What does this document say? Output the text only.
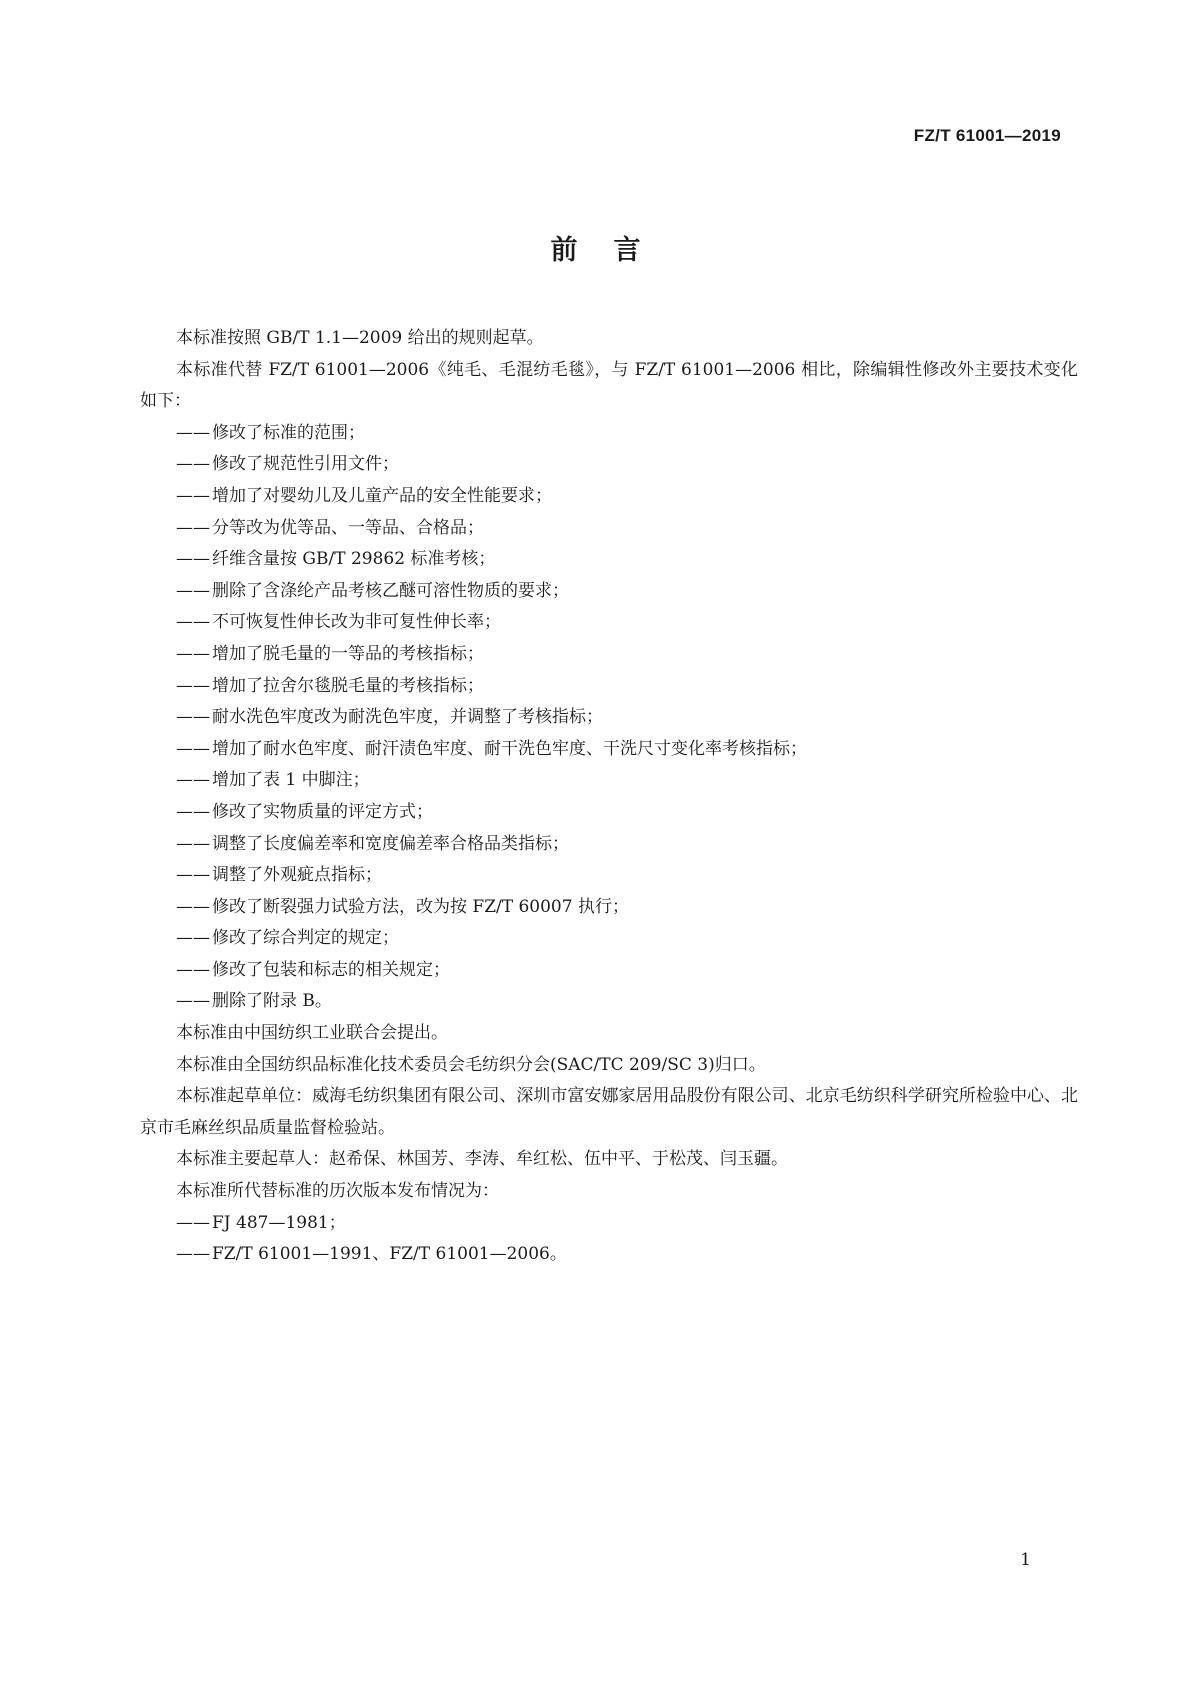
FZ/T 61001—2019
前言

本标准按照 GB/T 1.1—2009 给出的规则起草。

本标准代替 FZ/T 61001—2006《纯毛、毛混纺毛毯》，与 FZ/T 61001—2006 相比，除编辑性修改外主要技术变化如下：

—— 修改了标准的范围；

—— 修改了规范性引用文件；

—— 增加了对婴幼儿及儿童产品的安全性能要求；

—— 分等改为优等品、一等品、合格品；

—— 纤维含量按 GB/T 29862 标准考核；

—— 删除了含涤纶产品考核乙醚可溶性物质的要求；

—— 不可恢复性伸长改为非可复性伸长率；

—— 增加了脱毛量的一等品的考核指标；

—— 增加了拉舍尔毯脱毛量的考核指标；

—— 耐水洗色牢度改为耐洗色牢度，并调整了考核指标；

—— 增加了耐水色牢度、耐汗渍色牢度、耐干洗色牢度、干洗尺寸变化率考核指标；

—— 增加了表 1 中脚注；

—— 修改了实物质量的评定方式；

—— 调整了长度偏差率和宽度偏差率合格品类指标；

—— 调整了外观疵点指标；

—— 修改了断裂强力试验方法，改为按 FZ/T 60007 执行；

—— 修改了综合判定的规定；

—— 修改了包装和标志的相关规定；

—— 删除了附录 B。

本标准由中国纺织工业联合会提出。

本标准由全国纺织品标准化技术委员会毛纺织分会(SAC/TC 209/SC 3)归口。

本标准起草单位：威海毛纺织集团有限公司、深圳市富安娜家居用品股份有限公司、北京毛纺织科学研究所检验中心、北京市毛麻丝织品质量监督检验站。

本标准主要起草人：赵希保、林国芳、李涛、牟红松、伍中平、于松茂、闫玉疆。

本标准所代替标准的历次版本发布情况为：

—— FJ 487—1981；

—— FZ/T 61001—1991、FZ/T 61001—2006。

1
